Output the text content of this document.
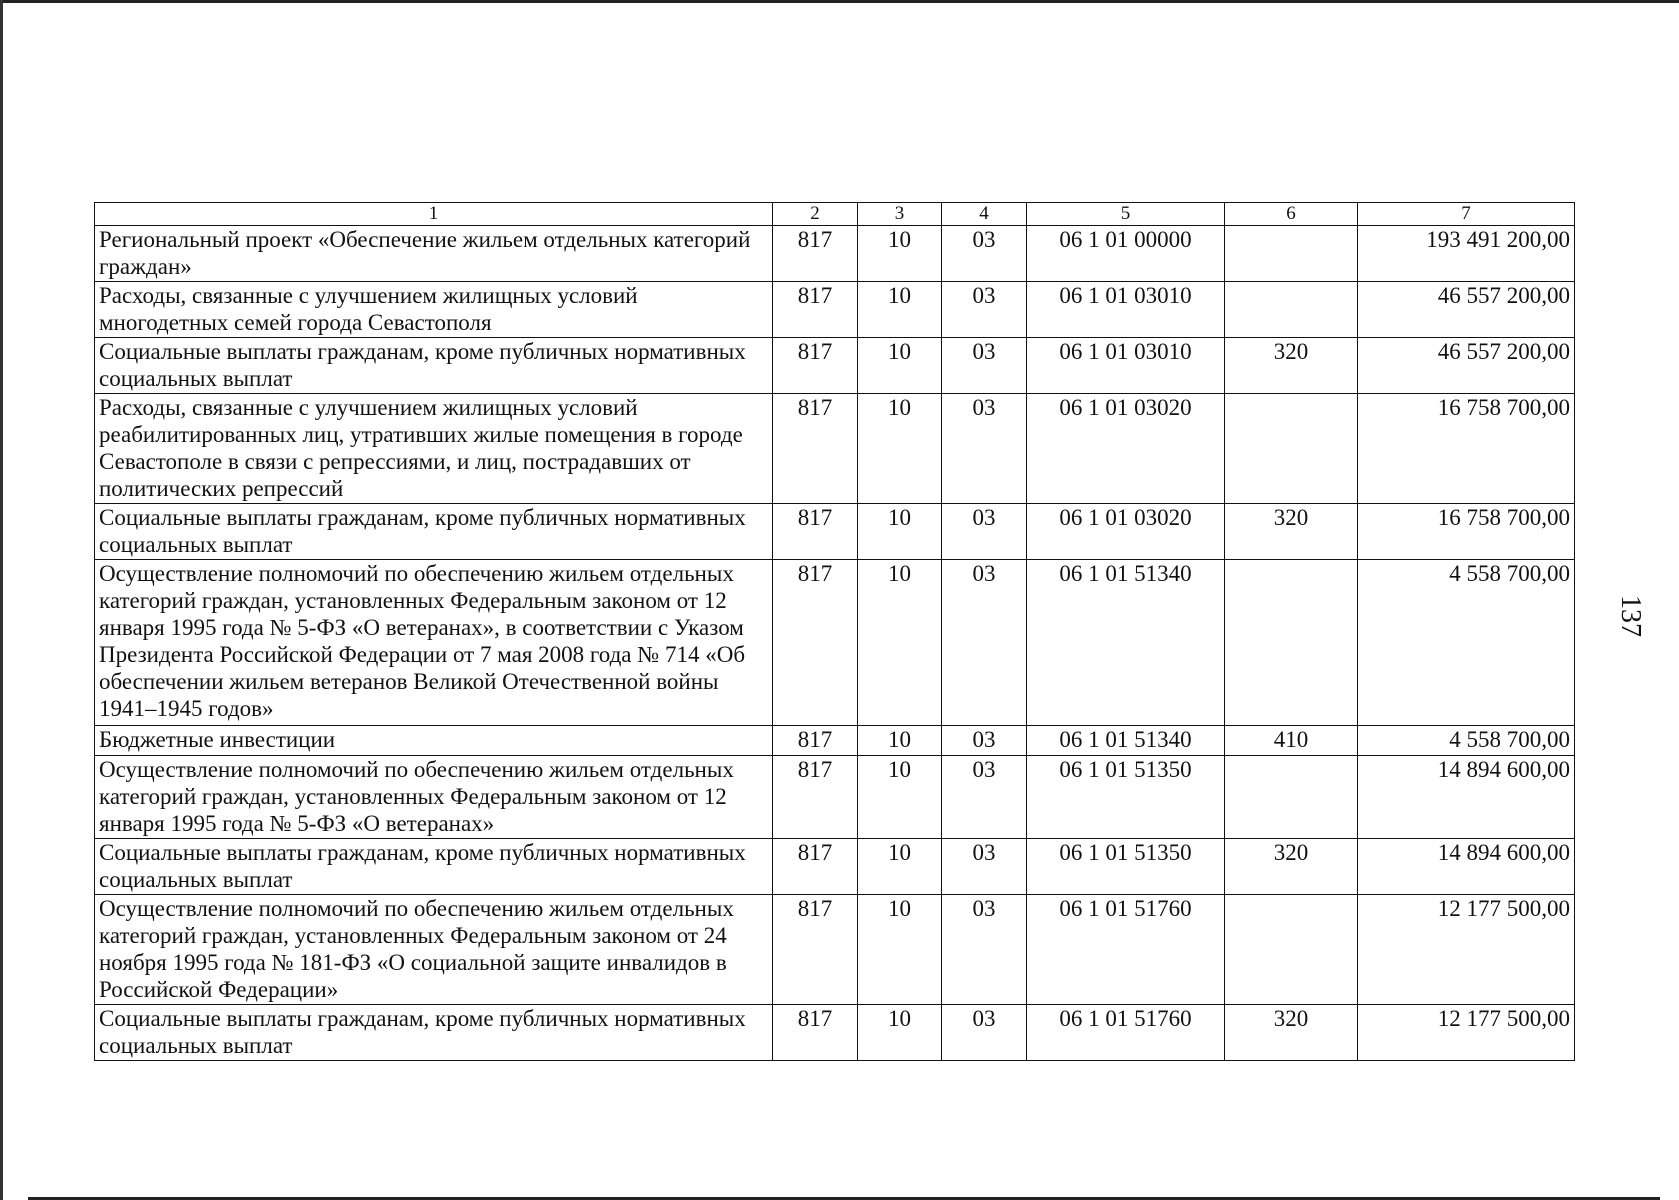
1	2	3	4	5	6	7
Региональный проект «Обеспечение жильем отдельных категорий граждан»	817	10	03	06 1 01 00000		193 491 200,00
Расходы, связанные с улучшением жилищных условий многодетных семей города Севастополя	817	10	03	06 1 01 03010		46 557 200,00
Социальные выплаты гражданам, кроме публичных нормативных социальных выплат	817	10	03	06 1 01 03010	320	46 557 200,00
Расходы, связанные с улучшением жилищных условий реабилитированных лиц, утративших жилые помещения в городе Севастополе в связи с репрессиями, и лиц, пострадавших от политических репрессий	817	10	03	06 1 01 03020		16 758 700,00
Социальные выплаты гражданам, кроме публичных нормативных социальных выплат	817	10	03	06 1 01 03020	320	16 758 700,00
Осуществление полномочий по обеспечению жильем отдельных категорий граждан, установленных Федеральным законом от 12 января 1995 года № 5-ФЗ «О ветеранах», в соответствии с Указом Президента Российской Федерации от 7 мая 2008 года № 714 «Об обеспечении жильем ветеранов Великой Отечественной войны 1941–1945 годов»	817	10	03	06 1 01 51340		4 558 700,00
Бюджетные инвестиции	817	10	03	06 1 01 51340	410	4 558 700,00
Осуществление полномочий по обеспечению жильем отдельных категорий граждан, установленных Федеральным законом от 12 января 1995 года № 5-ФЗ «О ветеранах»	817	10	03	06 1 01 51350		14 894 600,00
Социальные выплаты гражданам, кроме публичных нормативных социальных выплат	817	10	03	06 1 01 51350	320	14 894 600,00
Осуществление полномочий по обеспечению жильем отдельных категорий граждан, установленных Федеральным законом от 24 ноября 1995 года № 181-ФЗ «О социальной защите инвалидов в Российской Федерации»	817	10	03	06 1 01 51760		12 177 500,00
Социальные выплаты гражданам, кроме публичных нормативных социальных выплат	817	10	03	06 1 01 51760	320	12 177 500,00
137
